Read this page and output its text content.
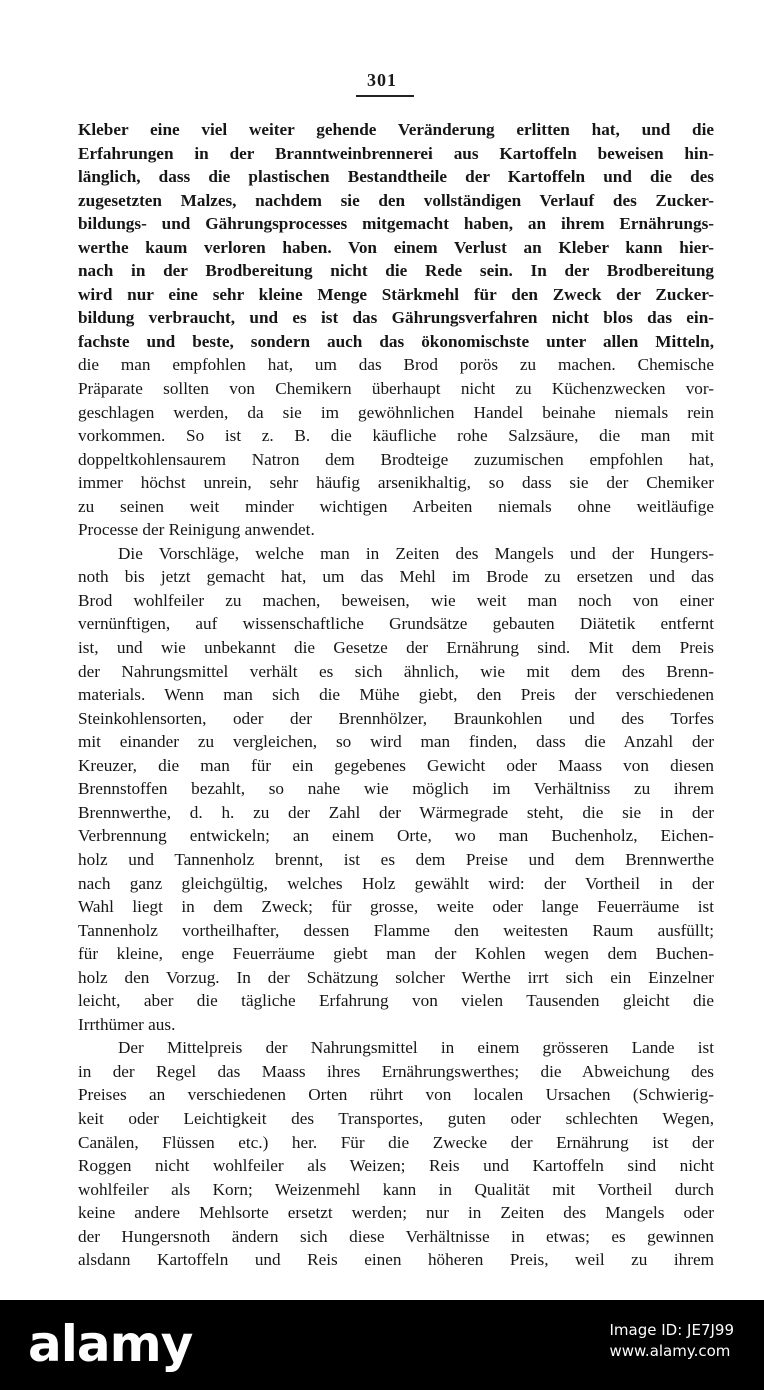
301
Kleber eine viel weiter gehende Veränderung erlitten hat, und die
Erfahrungen in der Branntweinbrennerei aus Kartoffeln beweisen hin-
länglich, dass die plastischen Bestandtheile der Kartoffeln und die des
zugesetzten Malzes, nachdem sie den vollständigen Verlauf des Zucker-
bildungs- und Gährungsprocesses mitgemacht haben, an ihrem Ernährungs-
werthe kaum verloren haben. Von einem Verlust an Kleber kann hier-
nach in der Brodbereitung nicht die Rede sein. In der Brodbereitung
wird nur eine sehr kleine Menge Stärkmehl für den Zweck der Zucker-
bildung verbraucht, und es ist das Gährungsverfahren nicht blos das ein-
fachste und beste, sondern auch das ökonomischste unter allen Mitteln,
die man empfohlen hat, um das Brod porös zu machen. Chemische
Präparate sollten von Chemikern überhaupt nicht zu Küchenzwecken vor-
geschlagen werden, da sie im gewöhnlichen Handel beinahe niemals rein
vorkommen. So ist z. B. die käufliche rohe Salzsäure, die man mit
doppeltkohlensaurem Natron dem Brodteige zuzumischen empfohlen hat,
immer höchst unrein, sehr häufig arsenikhaltig, so dass sie der Chemiker
zu seinen weit minder wichtigen Arbeiten niemals ohne weitläufige
Processe der Reinigung anwendet.
Die Vorschläge, welche man in Zeiten des Mangels und der Hungers-
noth bis jetzt gemacht hat, um das Mehl im Brode zu ersetzen und das
Brod wohlfeiler zu machen, beweisen, wie weit man noch von einer
vernünftigen, auf wissenschaftliche Grundsätze gebauten Diätetik entfernt
ist, und wie unbekannt die Gesetze der Ernährung sind. Mit dem Preis
der Nahrungsmittel verhält es sich ähnlich, wie mit dem des Brenn-
materials. Wenn man sich die Mühe giebt, den Preis der verschiedenen
Steinkohlensorten, oder der Brennhölzer, Braunkohlen und des Torfes
mit einander zu vergleichen, so wird man finden, dass die Anzahl der
Kreuzer, die man für ein gegebenes Gewicht oder Maass von diesen
Brennstoffen bezahlt, so nahe wie möglich im Verhältniss zu ihrem
Brennwerthe, d. h. zu der Zahl der Wärmegrade steht, die sie in der
Verbrennung entwickeln; an einem Orte, wo man Buchenholz, Eichen-
holz und Tannenholz brennt, ist es dem Preise und dem Brennwerthe
nach ganz gleichgültig, welches Holz gewählt wird: der Vortheil in der
Wahl liegt in dem Zweck; für grosse, weite oder lange Feuerräume ist
Tannenholz vortheilhafter, dessen Flamme den weitesten Raum ausfüllt;
für kleine, enge Feuerräume giebt man der Kohlen wegen dem Buchen-
holz den Vorzug. In der Schätzung solcher Werthe irrt sich ein Einzelner
leicht, aber die tägliche Erfahrung von vielen Tausenden gleicht die
Irrthümer aus.
Der Mittelpreis der Nahrungsmittel in einem grösseren Lande ist
in der Regel das Maass ihres Ernährungswerthes; die Abweichung des
Preises an verschiedenen Orten rührt von localen Ursachen (Schwierig-
keit oder Leichtigkeit des Transportes, guten oder schlechten Wegen,
Canälen, Flüssen etc.) her. Für die Zwecke der Ernährung ist der
Roggen nicht wohlfeiler als Weizen; Reis und Kartoffeln sind nicht
wohlfeiler als Korn; Weizenmehl kann in Qualität mit Vortheil durch
keine andere Mehlsorte ersetzt werden; nur in Zeiten des Mangels oder
der Hungersnoth ändern sich diese Verhältnisse in etwas; es gewinnen
alsdann Kartoffeln und Reis einen höheren Preis, weil zu ihrem
alamy	Image ID: JE7J99
www.alamy.com
